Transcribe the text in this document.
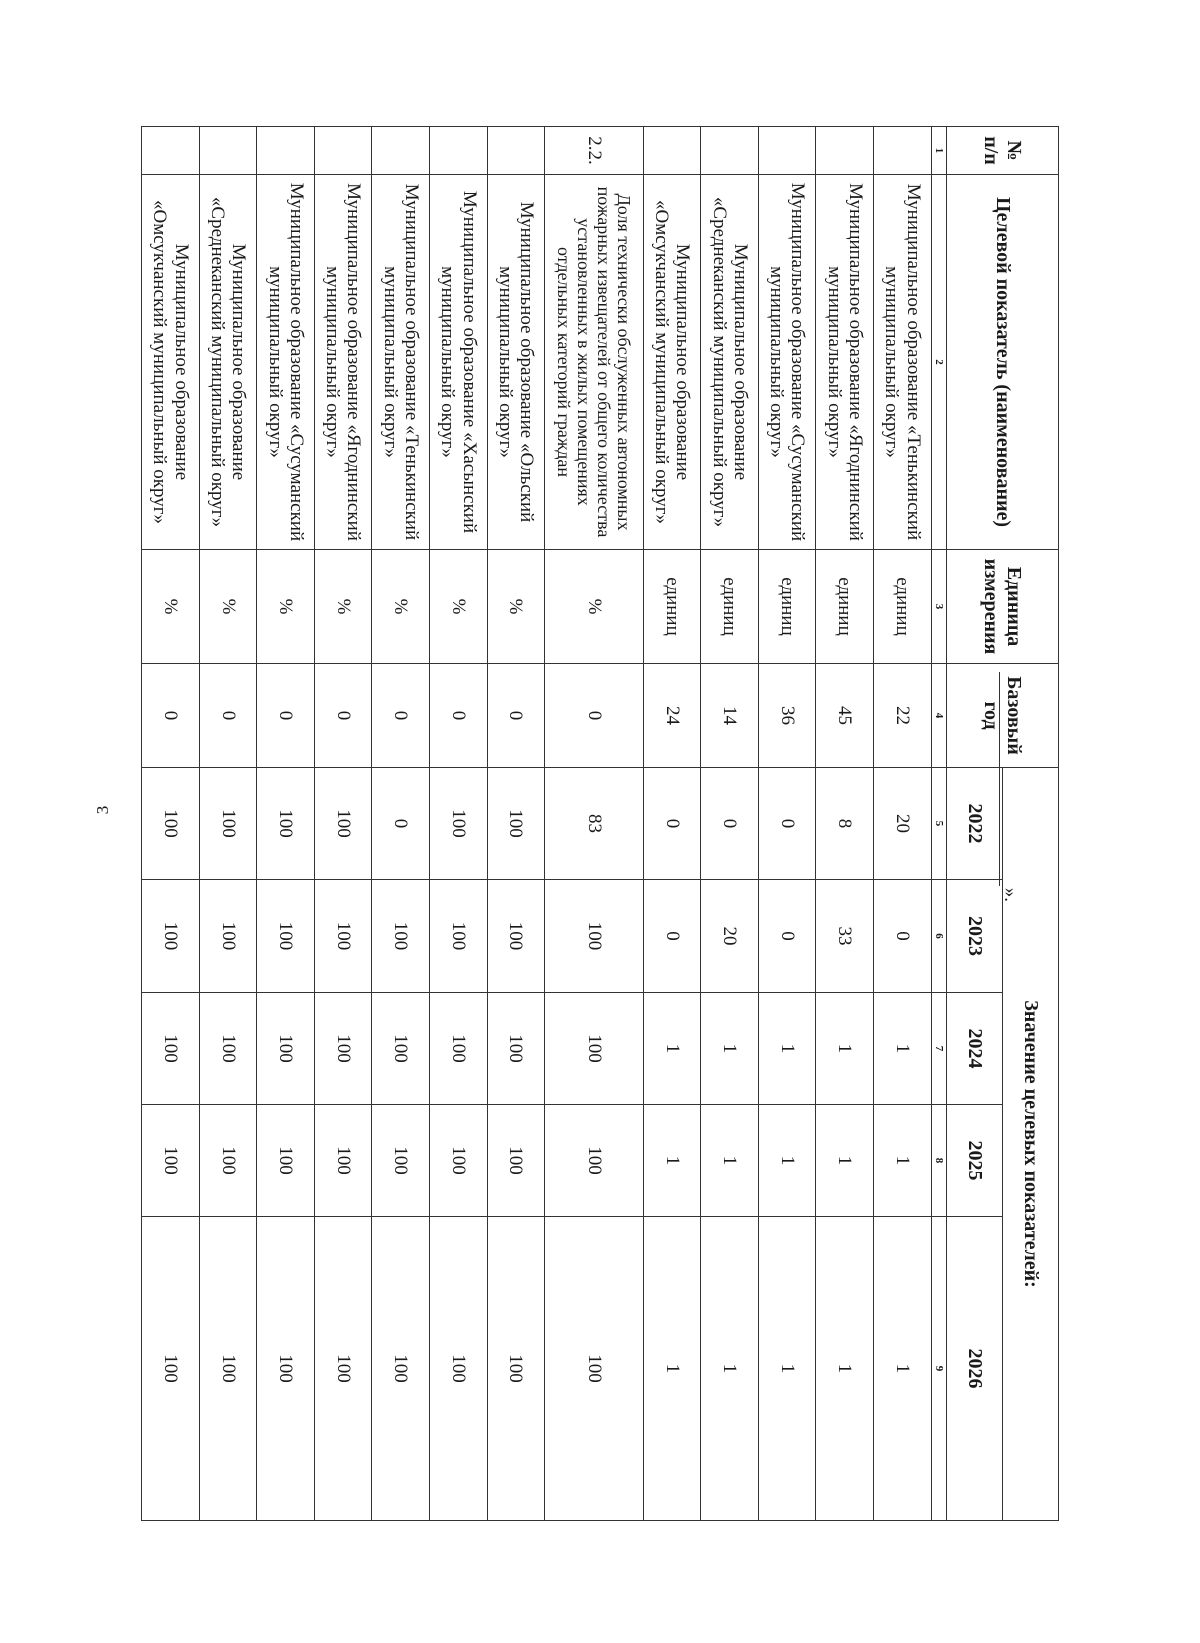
3
№ п/п	Целевой показатель (наименование)	Единица измерения	Базовый год	Значение целевых показателей:				
				2022	2023	2024	2025	2026
1	2	3	4	5	6	7	8	9
	Муниципальное образование «Тенькинский муниципальный округ»	единиц	22	20	0	1	1	1
	Муниципальное образование «Ягоднинский муниципальный округ»	единиц	45	8	33	1	1	1
	Муниципальное образование «Сусуманский муниципальный округ»	единиц	36	0	0	1	1	1
	Муниципальное образование «Среднеканский муниципальный округ»	единиц	14	0	20	1	1	1
	Муниципальное образование «Омсукчанский муниципальный округ»	единиц	24	0	0	1	1	1
2.2.	Доля технически обслуженных автономных пожарных извещателей от общего количества установленных в жилых помещениях отдельных категорий граждан	%	0	83	100	100	100	100
	Муниципальное образование «Ольский муниципальный округ»	%	0	100	100	100	100	100
	Муниципальное образование «Хасынский муниципальный округ»	%	0	100	100	100	100	100
	Муниципальное образование «Тенькинский муниципальный округ»	%	0	0	100	100	100	100
	Муниципальное образование «Ягоднинский муниципальный округ»	%	0	100	100	100	100	100
	Муниципальное образование «Сусуманский муниципальный округ»	%	0	100	100	100	100	100
	Муниципальное образование «Среднеканский муниципальный округ»	%	0	100	100	100	100	100
	Муниципальное образование «Омсукчанский муниципальный округ»	%	0	100	100	100	100	100
».
